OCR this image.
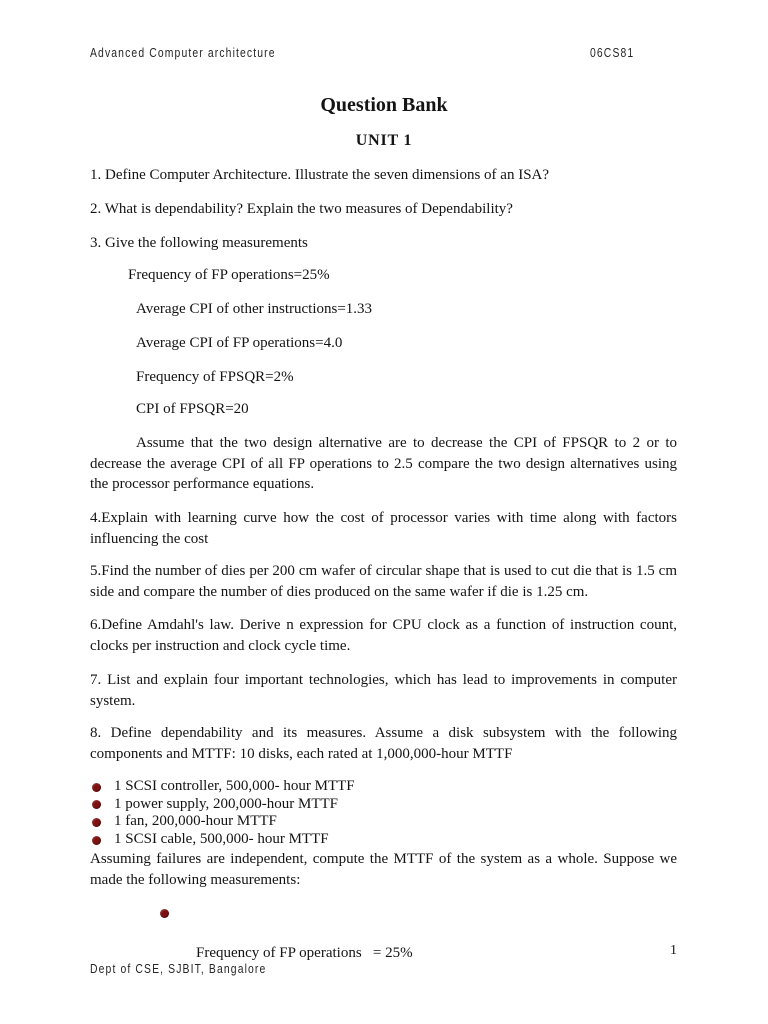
Advanced Computer architecture	06CS81
Question Bank
UNIT 1
1. Define Computer Architecture. Illustrate the seven dimensions of an ISA?
2. What is dependability? Explain the two measures of Dependability?
3. Give the following measurements
Frequency of FP operations=25%
Average CPI of other instructions=1.33
Average CPI of FP operations=4.0
Frequency of FPSQR=2%
CPI of FPSQR=20
Assume that the two design alternative are to decrease the CPI of FPSQR to 2 or to decrease the average CPI of all FP operations to 2.5 compare the two design alternatives using the processor performance equations.
4.Explain with learning curve how the cost of processor varies with time along with factors influencing the cost
5.Find the number of dies per 200 cm wafer of circular shape that is used to cut die that is 1.5 cm side and compare the number of dies produced on the same wafer if die is 1.25 cm.
6.Define Amdahl's law. Derive n expression for CPU clock as a function of instruction count, clocks per instruction and clock cycle time.
7. List and explain four important technologies, which has lead to improvements in computer system.
8. Define dependability and its measures. Assume a disk subsystem with the following components and MTTF: 10 disks, each rated at 1,000,000-hour MTTF
1 SCSI controller, 500,000- hour MTTF
1 power supply, 200,000-hour MTTF
1 fan, 200,000-hour MTTF
1 SCSI cable, 500,000- hour MTTF
Assuming failures are independent, compute the MTTF of the system as a whole. Suppose we made the following measurements:

Frequency of FP operations   = 25%
	1
Dept of CSE, SJBIT, Bangalore
